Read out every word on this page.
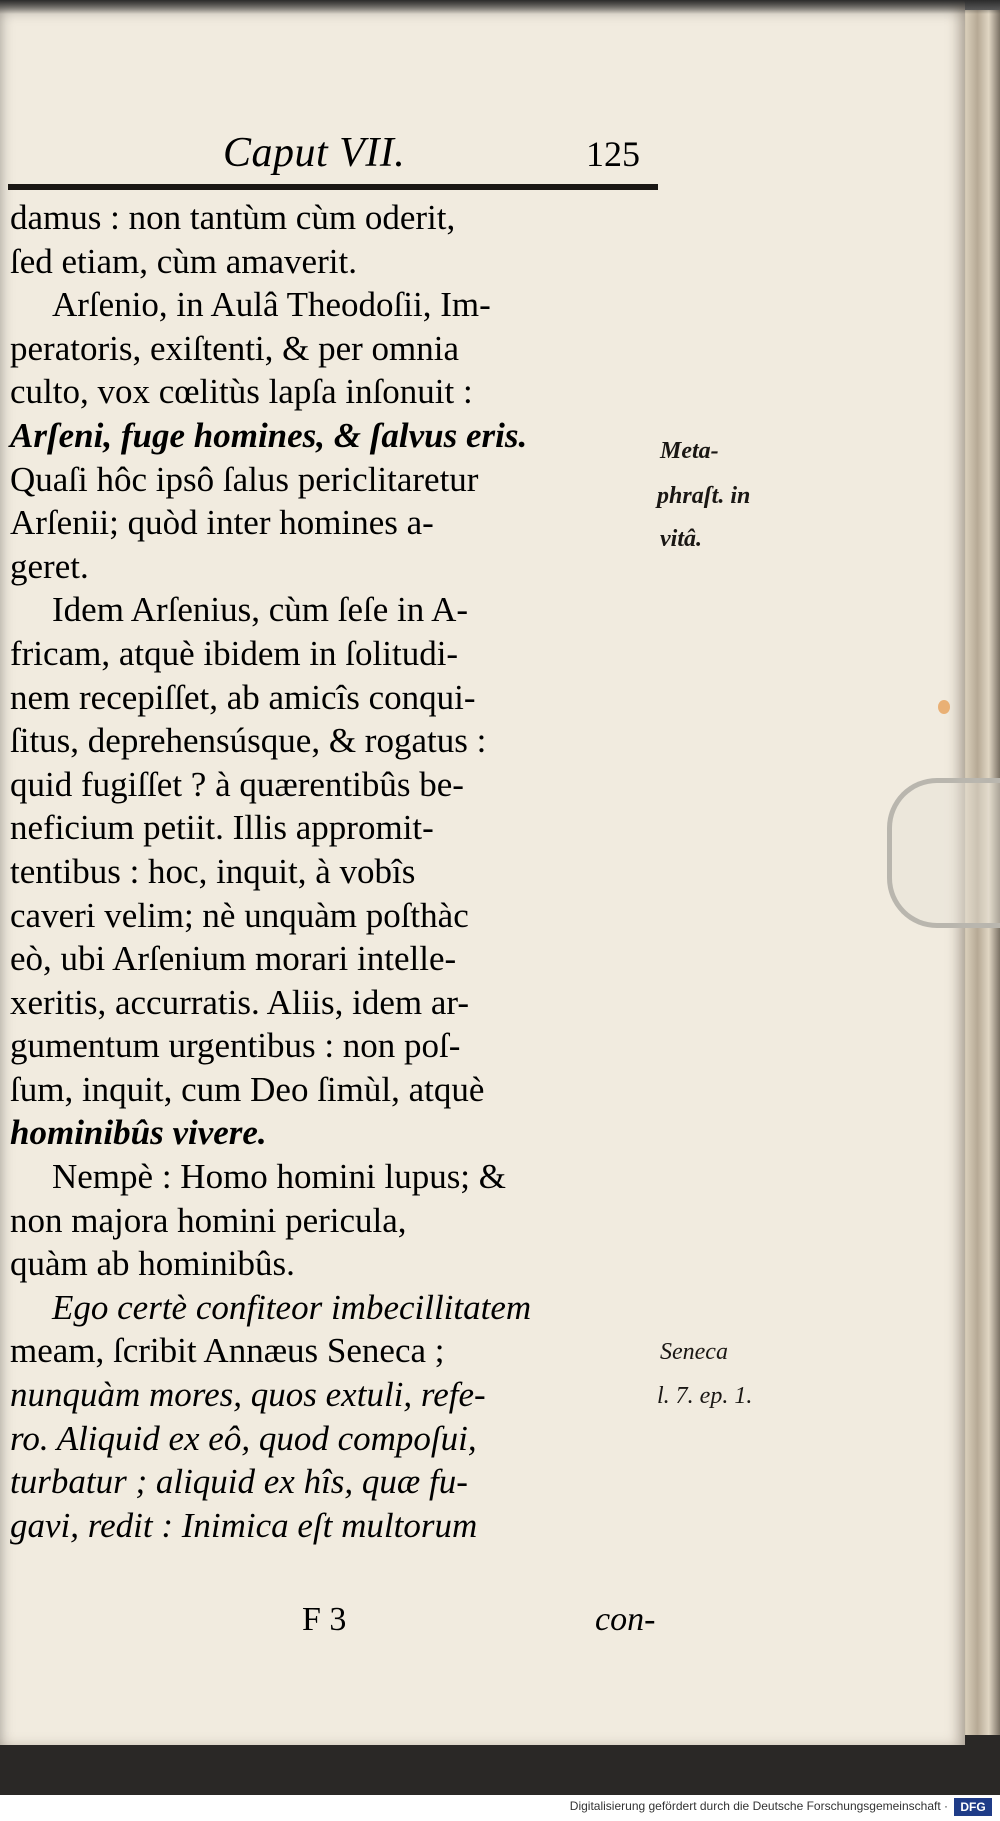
Caput VII.	125
damus : non tantùm cùm oderit,
ſed etiam, cùm amaverit.
Arſenio, in Aulâ Theodoſii, Im-
peratoris, exiſtenti, & per omnia
culto, vox cœlitùs lapſa inſonuit :
Arſeni, fuge homines, & ſalvus eris.
Quaſi hôc ipsô ſalus periclitaretur
Arſenii; quòd inter homines a-
geret.
Idem Arſenius, cùm ſeſe in A-
fricam, atquè ibidem in ſolitudi-
nem recepiſſet, ab amicîs conqui-
ſitus, deprehensúsque, & rogatus :
quid fugiſſet ? à quærentibûs be-
neficium petiit. Illis appromit-
tentibus : hoc, inquit, à vobîs
caveri velim; nè unquàm poſthàc
eò, ubi Arſenium morari intelle-
xeritis, accurratis. Aliis, idem ar-
gumentum urgentibus : non poſ-
ſum, inquit, cum Deo ſimùl, atquè
hominibûs vivere.
Nempè : Homo homini lupus; &
non majora homini pericula,
quàm ab hominibûs.
Ego certè confiteor imbecillitatem
meam, ſcribit Annæus Seneca ;
nunquàm mores, quos extuli, refe-
ro. Aliquid ex eô, quod compoſui,
turbatur ; aliquid ex hîs, quæ fu-
gavi, redit : Inimica eſt multorum
Meta-
phraſt. in
vitâ.
Seneca
l. 7. ep. 1.
F 3	con-
Digitalisierung gefördert durch die Deutsche Forschungsgemeinschaft ·	DFG
